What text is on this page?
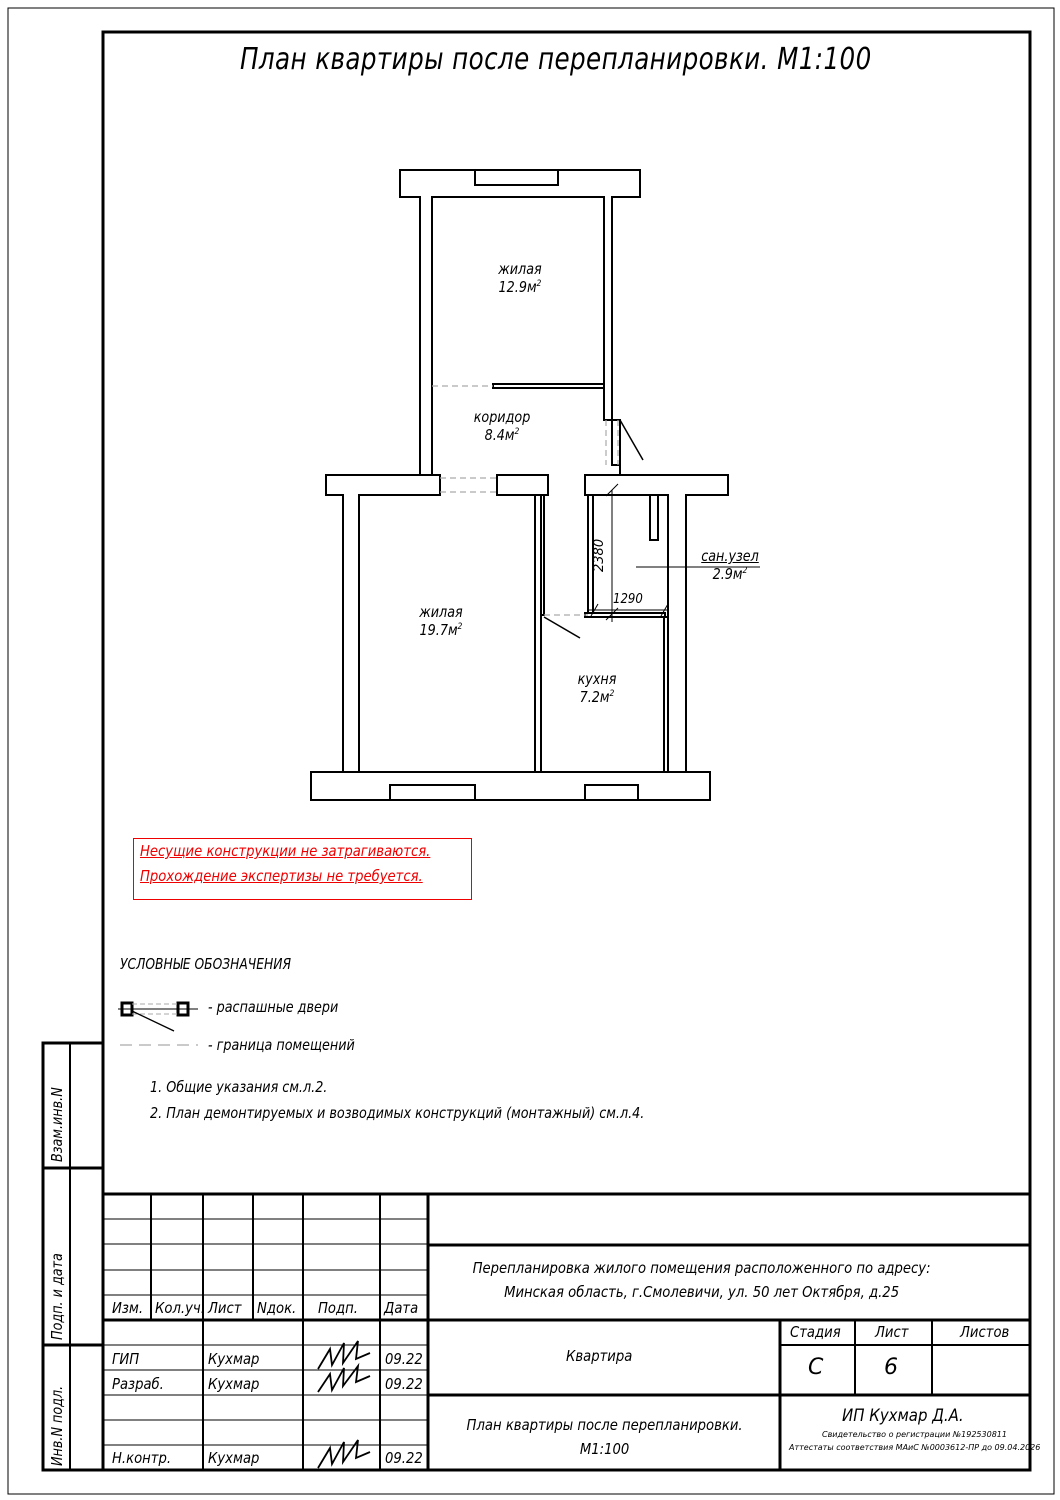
План квартиры после перепланировки. М1:100
2380
1290
жилая
$12.9м^2$
коридор
$8.4м^2$
жилая
$19.7м^2$
кухня
$7.2м^2$
сан.узел
$2.9м^2$
Несущие конструкции не затрагиваются.
Прохождение экспертизы не требуется.
УСЛОВНЫЕ ОБОЗНАЧЕНИЯ
- распашные двери
- граница помещений
1. Общие указания см.л.2.
2. План демонтируемых и возводимых конструкций (монтажный) см.л.4.
Взам.инв.N
Подп. и дата
Инв.N подл.
Изм. Кол.уч. Лист Nдок. Подп. Дата
ГИП	Кухмар	09.22
Разраб.	Кухмар	09.22
Н.контр. Кухмар	09.22
Перепланировка жилого помещения расположенного по адресу: Минская область, г.Смолевичи, ул. 50 лет Октября, д.25
Квартира
План квартиры после перепланировки. М1:100
Стадия Лист	Листов
С	6
ИП Кухмар Д.А.
Свидетельство о регистрации №192530811
Аттестаты соответствия МАиС №0003612-ПР до 09.04.2026
